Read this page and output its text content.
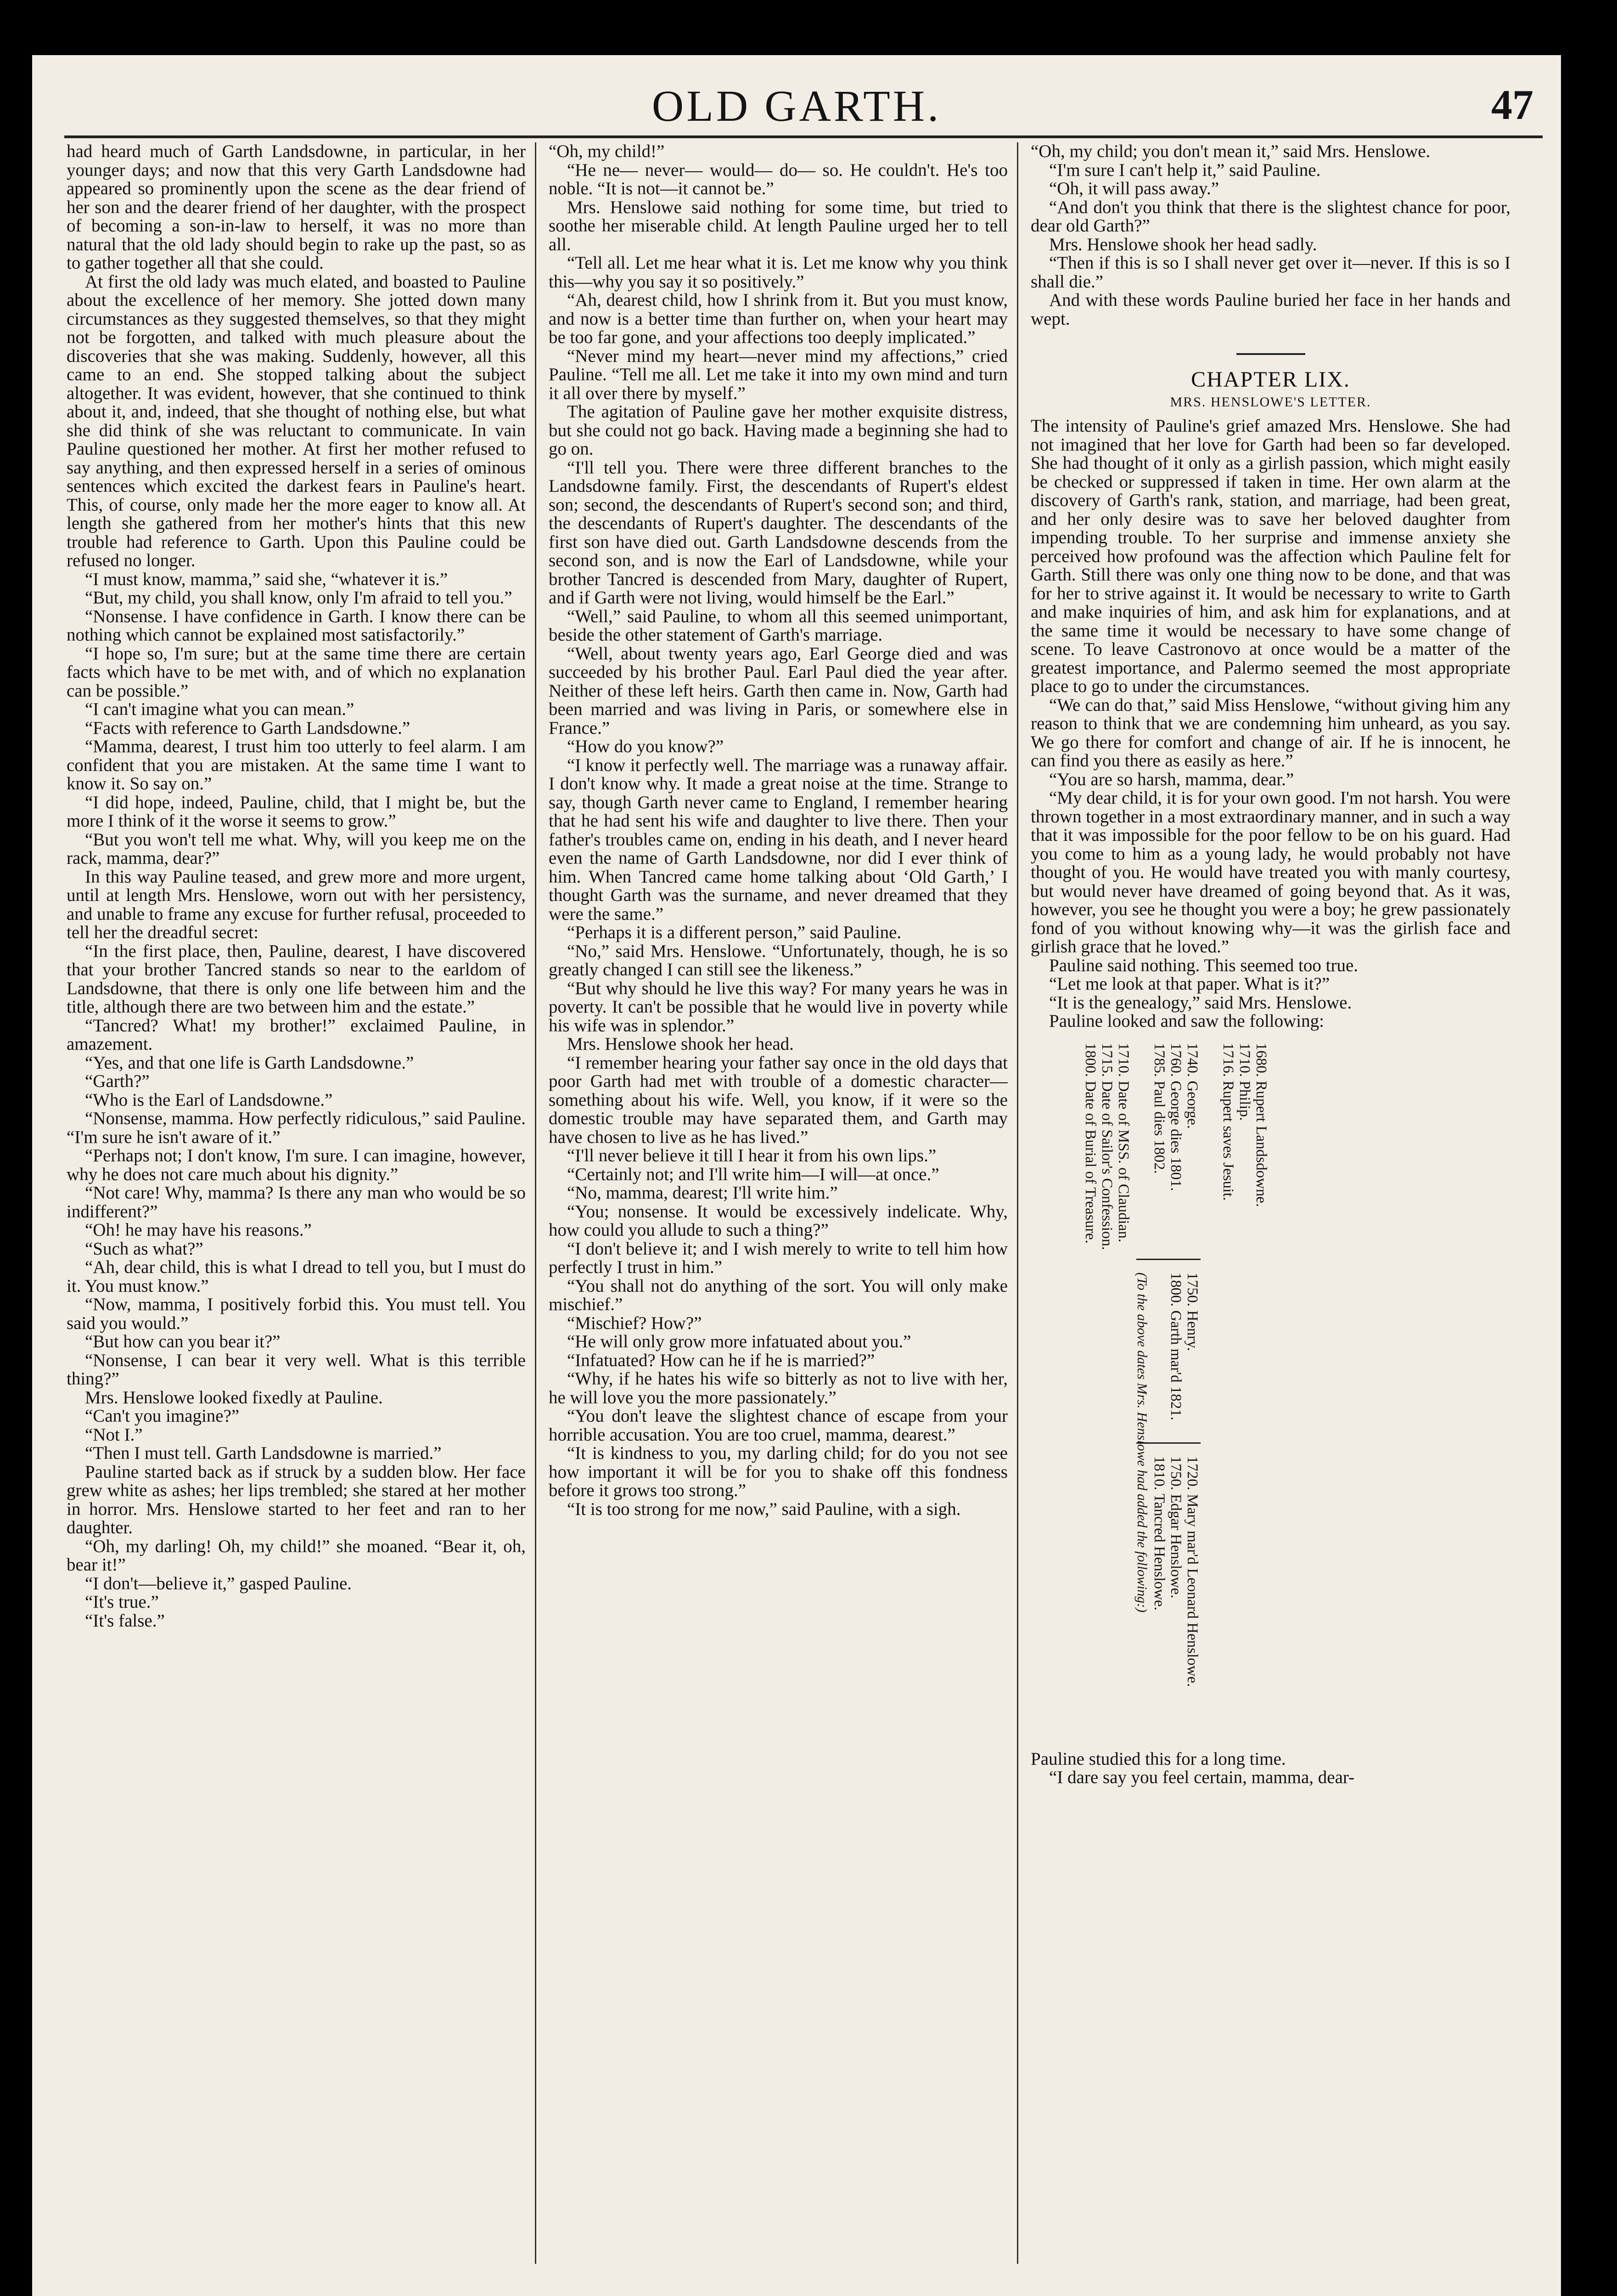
OLD GARTH.	47

had heard much of Garth Landsdowne, in particular, in her younger days; and now that this very Garth Landsdowne had appeared so prominently upon the scene as the dear friend of her son and the dearer friend of her daughter, with the prospect of becoming a son-in-law to herself, it was no more than natural that the old lady should begin to rake up the past, so as to gather together all that she could.

At first the old lady was much elated, and boasted to Pauline about the excellence of her memory. She jotted down many circumstances as they suggested themselves, so that they might not be forgotten, and talked with much pleasure about the discoveries that she was making. Suddenly, however, all this came to an end. She stopped talking about the subject altogether. It was evident, however, that she continued to think about it, and, indeed, that she thought of nothing else, but what she did think of she was reluctant to communicate. In vain Pauline questioned her mother. At first her mother refused to say anything, and then expressed herself in a series of ominous sentences which excited the darkest fears in Pauline's heart. This, of course, only made her the more eager to know all. At length she gathered from her mother's hints that this new trouble had reference to Garth. Upon this Pauline could be refused no longer.

“I must know, mamma,” said she, “whatever it is.”

“But, my child, you shall know, only I'm afraid to tell you.”

“Nonsense. I have confidence in Garth. I know there can be nothing which cannot be explained most satisfactorily.”

“I hope so, I'm sure; but at the same time there are certain facts which have to be met with, and of which no explanation can be possible.”

“I can't imagine what you can mean.”

“Facts with reference to Garth Landsdowne.”

“Mamma, dearest, I trust him too utterly to feel alarm. I am confident that you are mistaken. At the same time I want to know it. So say on.”

“I did hope, indeed, Pauline, child, that I might be, but the more I think of it the worse it seems to grow.”

“But you won't tell me what. Why, will you keep me on the rack, mamma, dear?”

In this way Pauline teased, and grew more and more urgent, until at length Mrs. Henslowe, worn out with her persistency, and unable to frame any excuse for further refusal, proceeded to tell her the dreadful secret:

“In the first place, then, Pauline, dearest, I have discovered that your brother Tancred stands so near to the earldom of Landsdowne, that there is only one life between him and the title, although there are two between him and the estate.”

“Tancred? What! my brother!” exclaimed Pauline, in amazement.

“Yes, and that one life is Garth Landsdowne.”

“Garth?”

“Who is the Earl of Landsdowne.”

“Nonsense, mamma. How perfectly ridiculous,” said Pauline. “I'm sure he isn't aware of it.”

“Perhaps not; I don't know, I'm sure. I can imagine, however, why he does not care much about his dignity.”

“Not care! Why, mamma? Is there any man who would be so indifferent?”

“Oh! he may have his reasons.”

“Such as what?”

“Ah, dear child, this is what I dread to tell you, but I must do it. You must know.”

“Now, mamma, I positively forbid this. You must tell. You said you would.”

“But how can you bear it?”

“Nonsense, I can bear it very well. What is this terrible thing?”

Mrs. Henslowe looked fixedly at Pauline.

“Can't you imagine?”

“Not I.”

“Then I must tell. Garth Landsdowne is married.”

Pauline started back as if struck by a sudden blow. Her face grew white as ashes; her lips trembled; she stared at her mother in horror. Mrs. Henslowe started to her feet and ran to her daughter.

“Oh, my darling! Oh, my child!” she moaned. “Bear it, oh, bear it!”

“I don't—believe it,” gasped Pauline.

“It's true.”

“It's false.”

“Oh, my child!”

“He ne— never— would— do— so. He couldn't. He's too noble. “It is not—it cannot be.”

Mrs. Henslowe said nothing for some time, but tried to soothe her miserable child. At length Pauline urged her to tell all.

“Tell all. Let me hear what it is. Let me know why you think this—why you say it so positively.”

“Ah, dearest child, how I shrink from it. But you must know, and now is a better time than further on, when your heart may be too far gone, and your affections too deeply implicated.”

“Never mind my heart—never mind my affections,” cried Pauline. “Tell me all. Let me take it into my own mind and turn it all over there by myself.”

The agitation of Pauline gave her mother exquisite distress, but she could not go back. Having made a beginning she had to go on.

“I'll tell you. There were three different branches to the Landsdowne family. First, the descendants of Rupert's eldest son; second, the descendants of Rupert's second son; and third, the descendants of Rupert's daughter. The descendants of the first son have died out. Garth Landsdowne descends from the second son, and is now the Earl of Landsdowne, while your brother Tancred is descended from Mary, daughter of Rupert, and if Garth were not living, would himself be the Earl.”

“Well,” said Pauline, to whom all this seemed unimportant, beside the other statement of Garth's marriage.

“Well, about twenty years ago, Earl George died and was succeeded by his brother Paul. Earl Paul died the year after. Neither of these left heirs. Garth then came in. Now, Garth had been married and was living in Paris, or somewhere else in France.”

“How do you know?”

“I know it perfectly well. The marriage was a runaway affair. I don't know why. It made a great noise at the time. Strange to say, though Garth never came to England, I remember hearing that he had sent his wife and daughter to live there. Then your father's troubles came on, ending in his death, and I never heard even the name of Garth Landsdowne, nor did I ever think of him. When Tancred came home talking about ‘Old Garth,’ I thought Garth was the surname, and never dreamed that they were the same.”

“Perhaps it is a different person,” said Pauline.

“No,” said Mrs. Henslowe. “Unfortunately, though, he is so greatly changed I can still see the likeness.”

“But why should he live this way? For many years he was in poverty. It can't be possible that he would live in poverty while his wife was in splendor.”

Mrs. Henslowe shook her head.

“I remember hearing your father say once in the old days that poor Garth had met with trouble of a domestic character—something about his wife. Well, you know, if it were so the domestic trouble may have separated them, and Garth may have chosen to live as he has lived.”

“I'll never believe it till I hear it from his own lips.”

“Certainly not; and I'll write him—I will—at once.”

“No, mamma, dearest; I'll write him.”

“You; nonsense. It would be excessively indelicate. Why, how could you allude to such a thing?”

“I don't believe it; and I wish merely to write to tell him how perfectly I trust in him.”

“You shall not do anything of the sort. You will only make mischief.”

“Mischief? How?”

“He will only grow more infatuated about you.”

“Infatuated? How can he if he is married?”

“Why, if he hates his wife so bitterly as not to live with her, he will love you the more passionately.”

“You don't leave the slightest chance of escape from your horrible accusation. You are too cruel, mamma, dearest.”

“It is kindness to you, my darling child; for do you not see how important it will be for you to shake off this fondness before it grows too strong.”

“It is too strong for me now,” said Pauline, with a sigh.

“Oh, my child; you don't mean it,” said Mrs. Henslowe.

“I'm sure I can't help it,” said Pauline.

“Oh, it will pass away.”

“And don't you think that there is the slightest chance for poor, dear old Garth?”

Mrs. Henslowe shook her head sadly.

“Then if this is so I shall never get over it—never. If this is so I shall die.”

And with these words Pauline buried her face in her hands and wept.

CHAPTER LIX.
MRS. HENSLOWE'S LETTER.

The intensity of Pauline's grief amazed Mrs. Henslowe. She had not imagined that her love for Garth had been so far developed. She had thought of it only as a girlish passion, which might easily be checked or suppressed if taken in time. Her own alarm at the discovery of Garth's rank, station, and marriage, had been great, and her only desire was to save her beloved daughter from impending trouble. To her surprise and immense anxiety she perceived how profound was the affection which Pauline felt for Garth. Still there was only one thing now to be done, and that was for her to strive against it. It would be necessary to write to Garth and make inquiries of him, and ask him for explanations, and at the same time it would be necessary to have some change of scene. To leave Castronovo at once would be a matter of the greatest importance, and Palermo seemed the most appropriate place to go to under the circumstances.

“We can do that,” said Miss Henslowe, “without giving him any reason to think that we are condemning him unheard, as you say. We go there for comfort and change of air. If he is innocent, he can find you there as easily as here.”

“You are so harsh, mamma, dear.”

“My dear child, it is for your own good. I'm not harsh. You were thrown together in a most extraordinary manner, and in such a way that it was impossible for the poor fellow to be on his guard. Had you come to him as a young lady, he would probably not have thought of you. He would have treated you with manly courtesy, but would never have dreamed of going beyond that. As it was, however, you see he thought you were a boy; he grew passionately fond of you without knowing why—it was the girlish face and girlish grace that he loved.”

Pauline said nothing. This seemed too true.

“Let me look at that paper. What is it?”

“It is the genealogy,” said Mrs. Henslowe.

Pauline looked and saw the following:

1680. Rupert Landsdowne.
1710. Philip.
1716. Rupert saves Jesuit.
1740. George.
1760. George dies 1801.
1785. Paul dies 1802.
1710. Date of MSS. of Claudian.
1715. Date of Sailor's Confession.
1800. Date of Burial of Treasure.
1750. Henry.
1800. Garth mar'd 1821.
1720. Mary mar'd Leonard Henslowe.
1750. Edgar Henslowe.
1810. Tancred Henslowe.
(To the above dates Mrs. Henslowe had added the following:)

Pauline studied this for a long time.

“I dare say you feel certain, mamma, dear-
